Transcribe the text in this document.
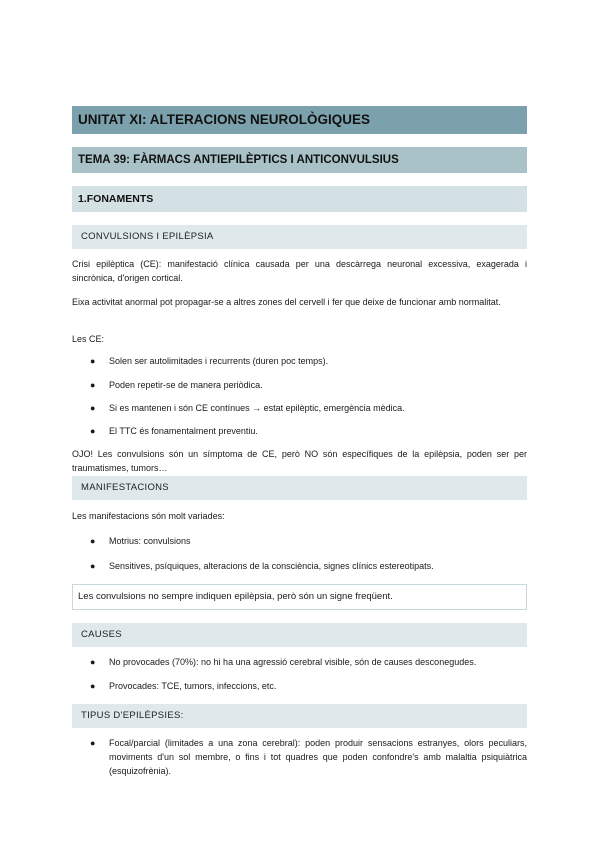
UNITAT XI: ALTERACIONS NEUROLÒGIQUES
TEMA 39: FÀRMACS ANTIEPILÈPTICS I ANTICONVULSIUS
1.FONAMENTS
CONVULSIONS I EPILÈPSIA
Crisi epilèptica (CE): manifestació clínica causada per una descàrrega neuronal excessiva, exagerada i sincrònica, d'origen cortical.
Eixa activitat anormal pot propagar-se a altres zones del cervell i fer que deixe de funcionar amb normalitat.
Les CE:
● Solen ser autolimitades i recurrents (duren poc temps).
● Poden repetir-se de manera periòdica.
● Si es mantenen i són CE contínues → estat epilèptic, emergència mèdica.
● El TTC és fonamentalment preventiu.
OJO! Les convulsions són un símptoma de CE, però NO són específiques de la epilèpsia, poden ser per traumatismes, tumors…
MANIFESTACIONS
Les manifestacions són molt variades:
● Motrius: convulsions
● Sensitives, psíquiques, alteracions de la consciència, signes clínics estereotipats.
Les convulsions no sempre indiquen epilèpsia, però són un signe freqüent.
CAUSES
● No provocades (70%): no hi ha una agressió cerebral visible, són de causes desconegudes.
● Provocades: TCE, tumors, infeccions, etc.
TIPUS D'EPILÈPSIES:
● Focal/parcial (limitades a una zona cerebral): poden produir sensacions estranyes, olors peculiars, moviments d'un sol membre, o fins i tot quadres que poden confondre's amb malaltia psiquiàtrica (esquizofrènia).
